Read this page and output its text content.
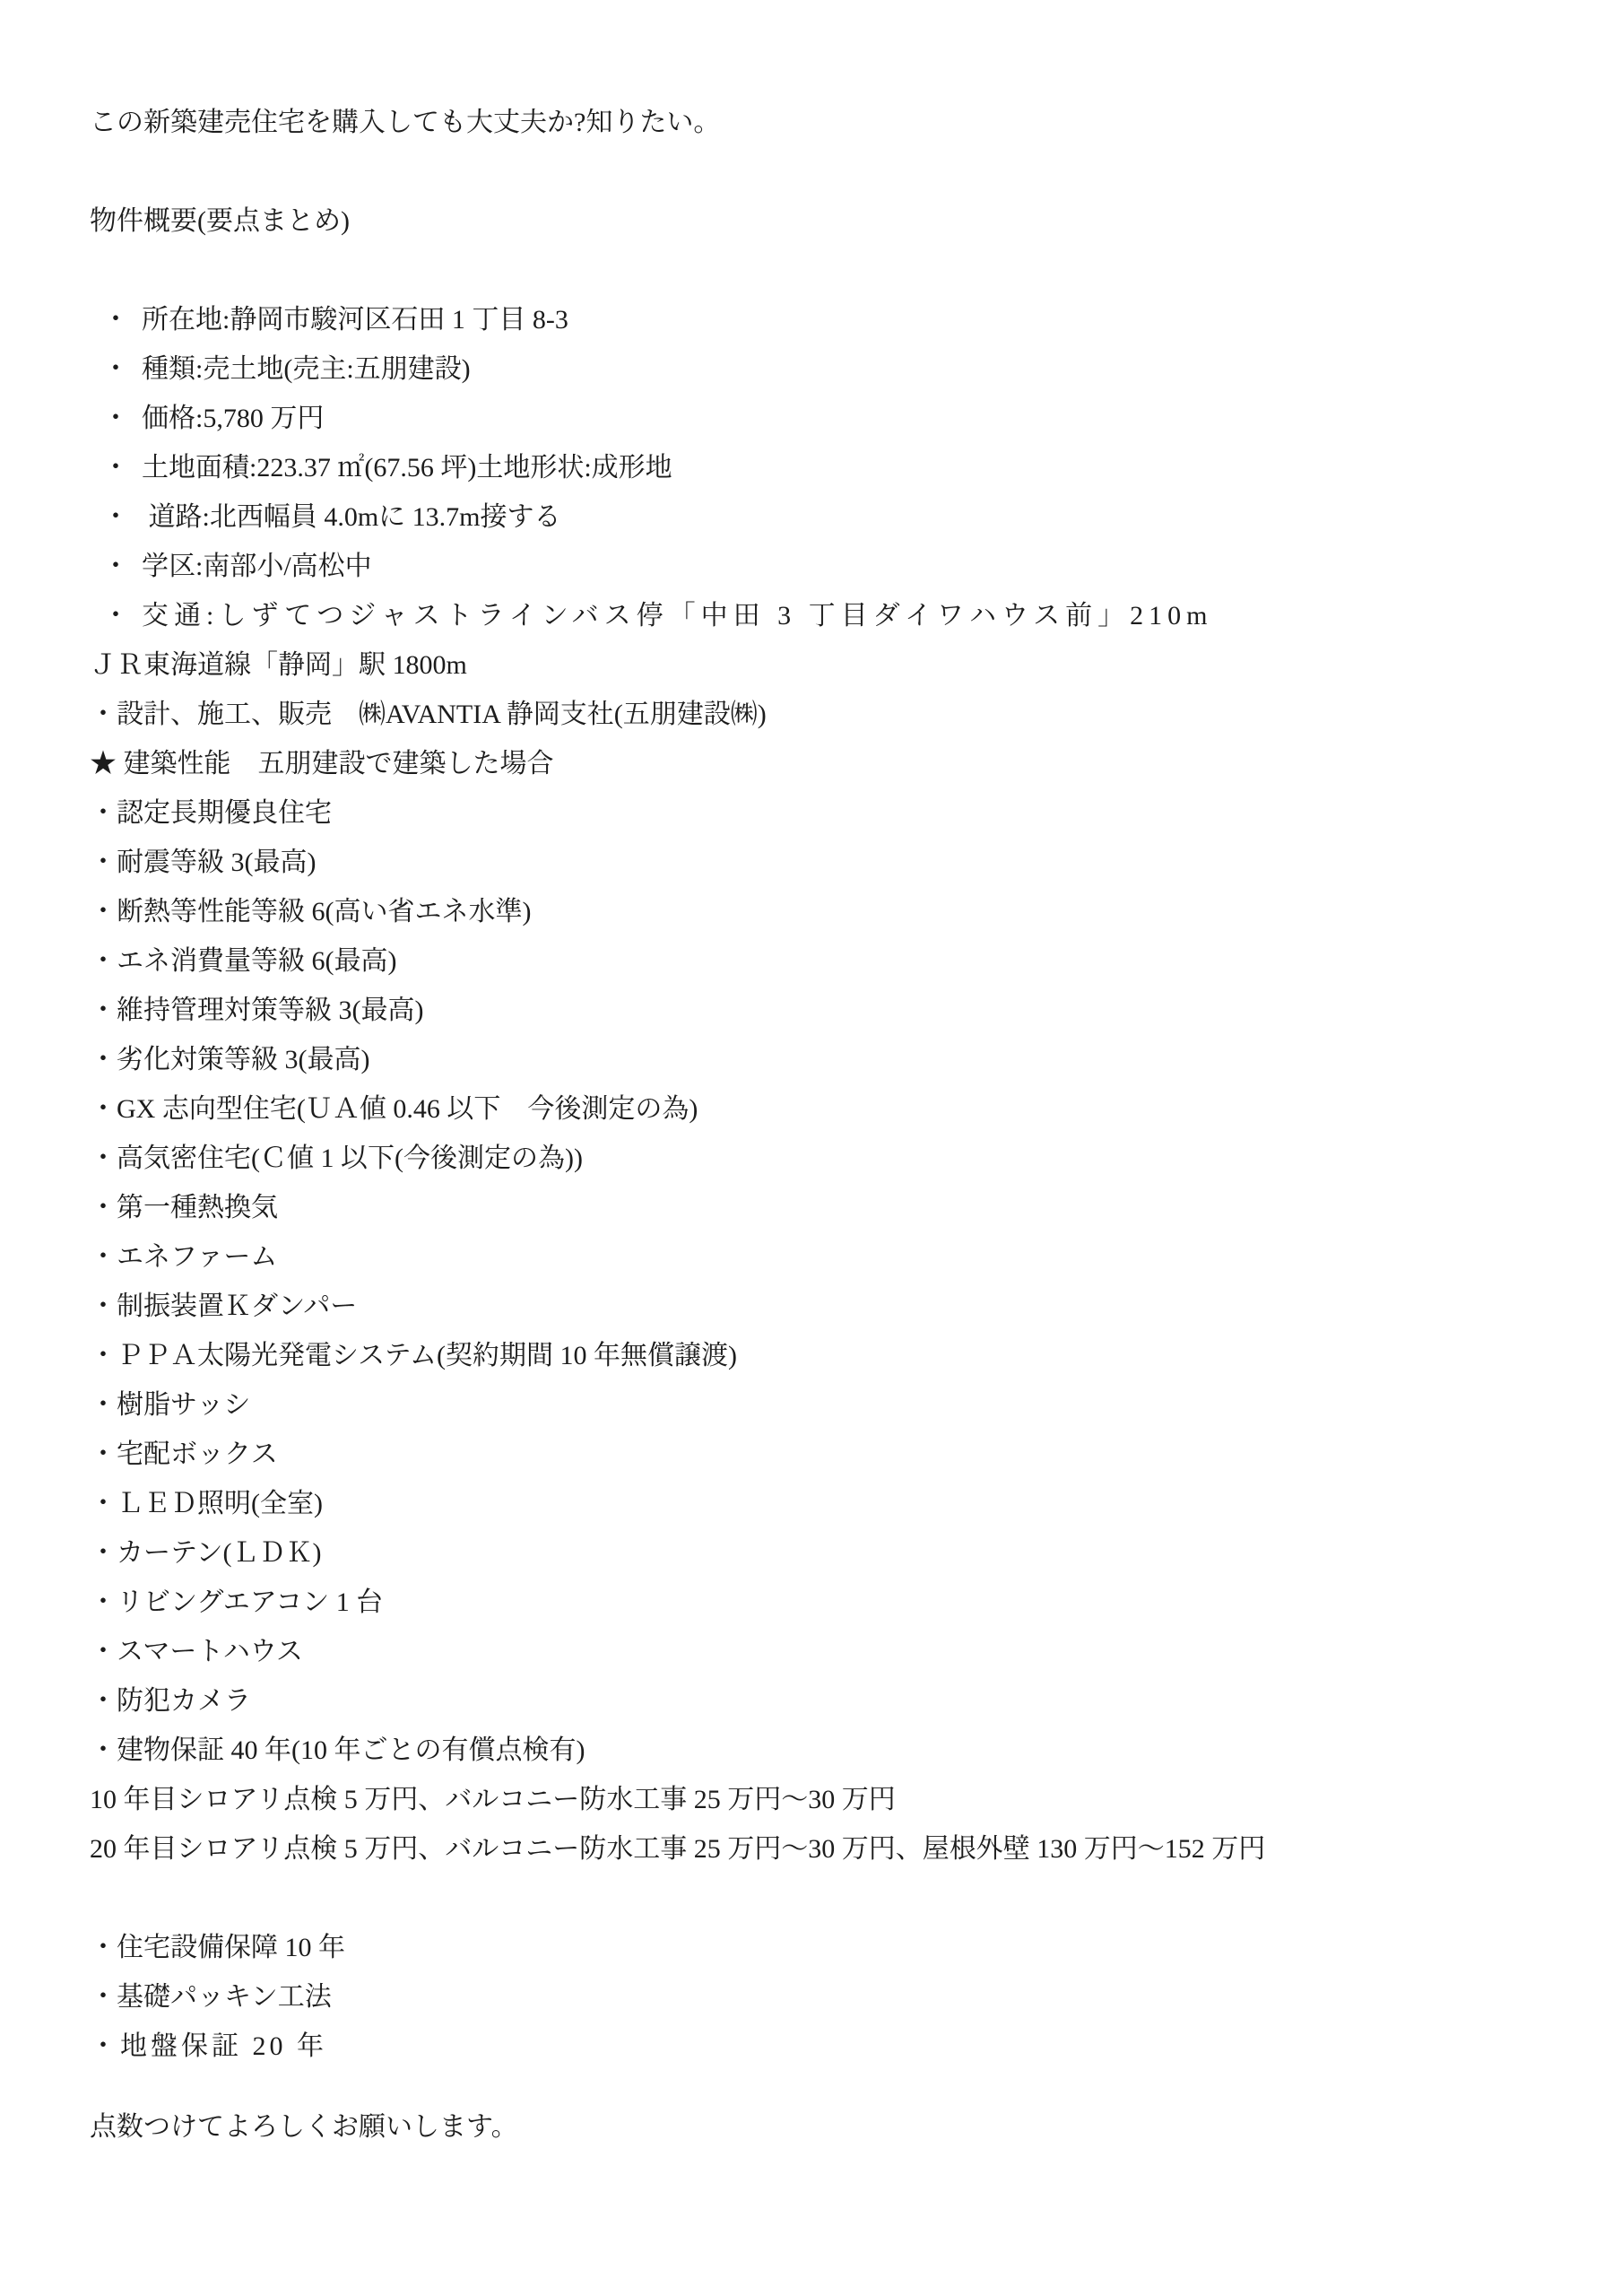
この新築建売住宅を購入しても大丈夫か?知りたい。

物件概要(要点まとめ)

・ 所在地:静岡市駿河区石田 1 丁目 8-3
・ 種類:売土地(売主:五朋建設)
・ 価格:5,780 万円
・ 土地面積:223.37 ㎡(67.56 坪)土地形状:成形地
・ 道路:北西幅員 4.0mに 13.7m接する
・ 学区:南部小/高松中
・ 交通:しずてつジャストラインバス停「中田 3 丁目ダイワハウス前」210m

ＪＲ東海道線「静岡」駅 1800m

・設計、施工、販売　㈱AVANTIA 静岡支社(五朋建設㈱)

★ 建築性能　五朋建設で建築した場合

・認定長期優良住宅

・耐震等級 3(最高)

・断熱等性能等級 6(高い省エネ水準)

・エネ消費量等級 6(最高)

・維持管理対策等級 3(最高)

・劣化対策等級 3(最高)

・GX 志向型住宅(ＵＡ値 0.46 以下　今後測定の為)

・高気密住宅(Ｃ値 1 以下(今後測定の為))

・第一種熱換気

・エネファーム

・制振装置Ｋダンパー

・ＰＰＡ太陽光発電システム(契約期間 10 年無償譲渡)

・樹脂サッシ

・宅配ボックス

・ＬＥＤ照明(全室)

・カーテン(ＬＤＫ)

・リビングエアコン 1 台

・スマートハウス

・防犯カメラ

・建物保証 40 年(10 年ごとの有償点検有)

10 年目シロアリ点検 5 万円、バルコニー防水工事 25 万円〜30 万円

20 年目シロアリ点検 5 万円、バルコニー防水工事 25 万円〜30 万円、屋根外壁 130 万円〜152 万円

・住宅設備保障 10 年

・基礎パッキン工法

・地盤保証 20 年

点数つけてよろしくお願いします。
